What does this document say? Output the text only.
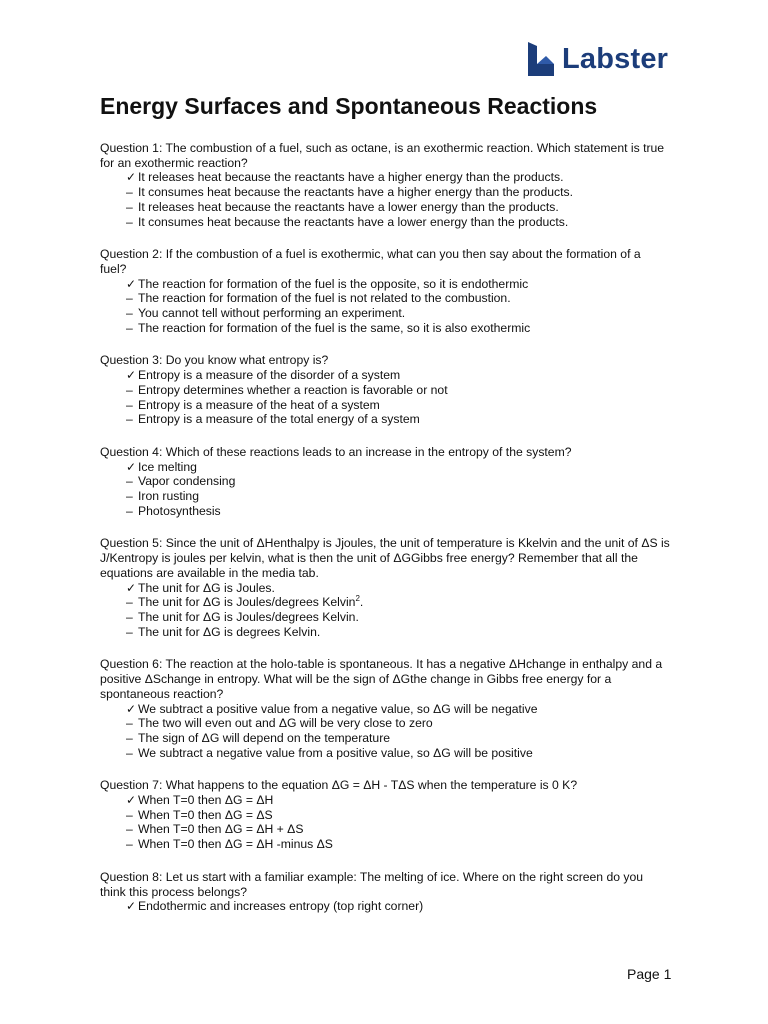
Labster
Energy Surfaces and Spontaneous Reactions

Question 1: The combustion of a fuel, such as octane, is an exothermic reaction. Which statement is true for an exothermic reaction?

✓ It releases heat because the reactants have a higher energy than the products.
– It consumes heat because the reactants have a higher energy than the products.
– It releases heat because the reactants have a lower energy than the products.
– It consumes heat because the reactants have a lower energy than the products.

Question 2: If the combustion of a fuel is exothermic, what can you then say about the formation of a fuel?

✓ The reaction for formation of the fuel is the opposite, so it is endothermic
– The reaction for formation of the fuel is not related to the combustion.
– You cannot tell without performing an experiment.
– The reaction for formation of the fuel is the same, so it is also exothermic

Question 3: Do you know what entropy is?

✓ Entropy is a measure of the disorder of a system
– Entropy determines whether a reaction is favorable or not
– Entropy is a measure of the heat of a system
– Entropy is a measure of the total energy of a system

Question 4: Which of these reactions leads to an increase in the entropy of the system?

✓ Ice melting
– Vapor condensing
– Iron rusting
– Photosynthesis

Question 5: Since the unit of ΔHenthalpy is Jjoules, the unit of temperature is Kkelvin and the unit of ΔS is J/Kentropy is joules per kelvin, what is then the unit of ΔGGibbs free energy? Remember that all the equations are available in the media tab.

✓ The unit for ΔG is Joules.
– The unit for ΔG is Joules/degrees Kelvin$^2$.
– The unit for ΔG is Joules/degrees Kelvin.
– The unit for ΔG is degrees Kelvin.

Question 6: The reaction at the holo-table is spontaneous. It has a negative ΔHchange in enthalpy and a positive ΔSchange in entropy. What will be the sign of ΔGthe change in Gibbs free energy for a spontaneous reaction?

✓ We subtract a positive value from a negative value, so ΔG will be negative
– The two will even out and ΔG will be very close to zero
– The sign of ΔG will depend on the temperature
– We subtract a negative value from a positive value, so ΔG will be positive

Question 7: What happens to the equation ΔG = ΔH - TΔS when the temperature is 0 K?

✓ When T=0 then ΔG = ΔH
– When T=0 then ΔG = ΔS
– When T=0 then ΔG = ΔH + ΔS
– When T=0 then ΔG = ΔH -minus ΔS

Question 8: Let us start with a familiar example: The melting of ice. Where on the right screen do you think this process belongs?

✓ Endothermic and increases entropy (top right corner)
Page 1
